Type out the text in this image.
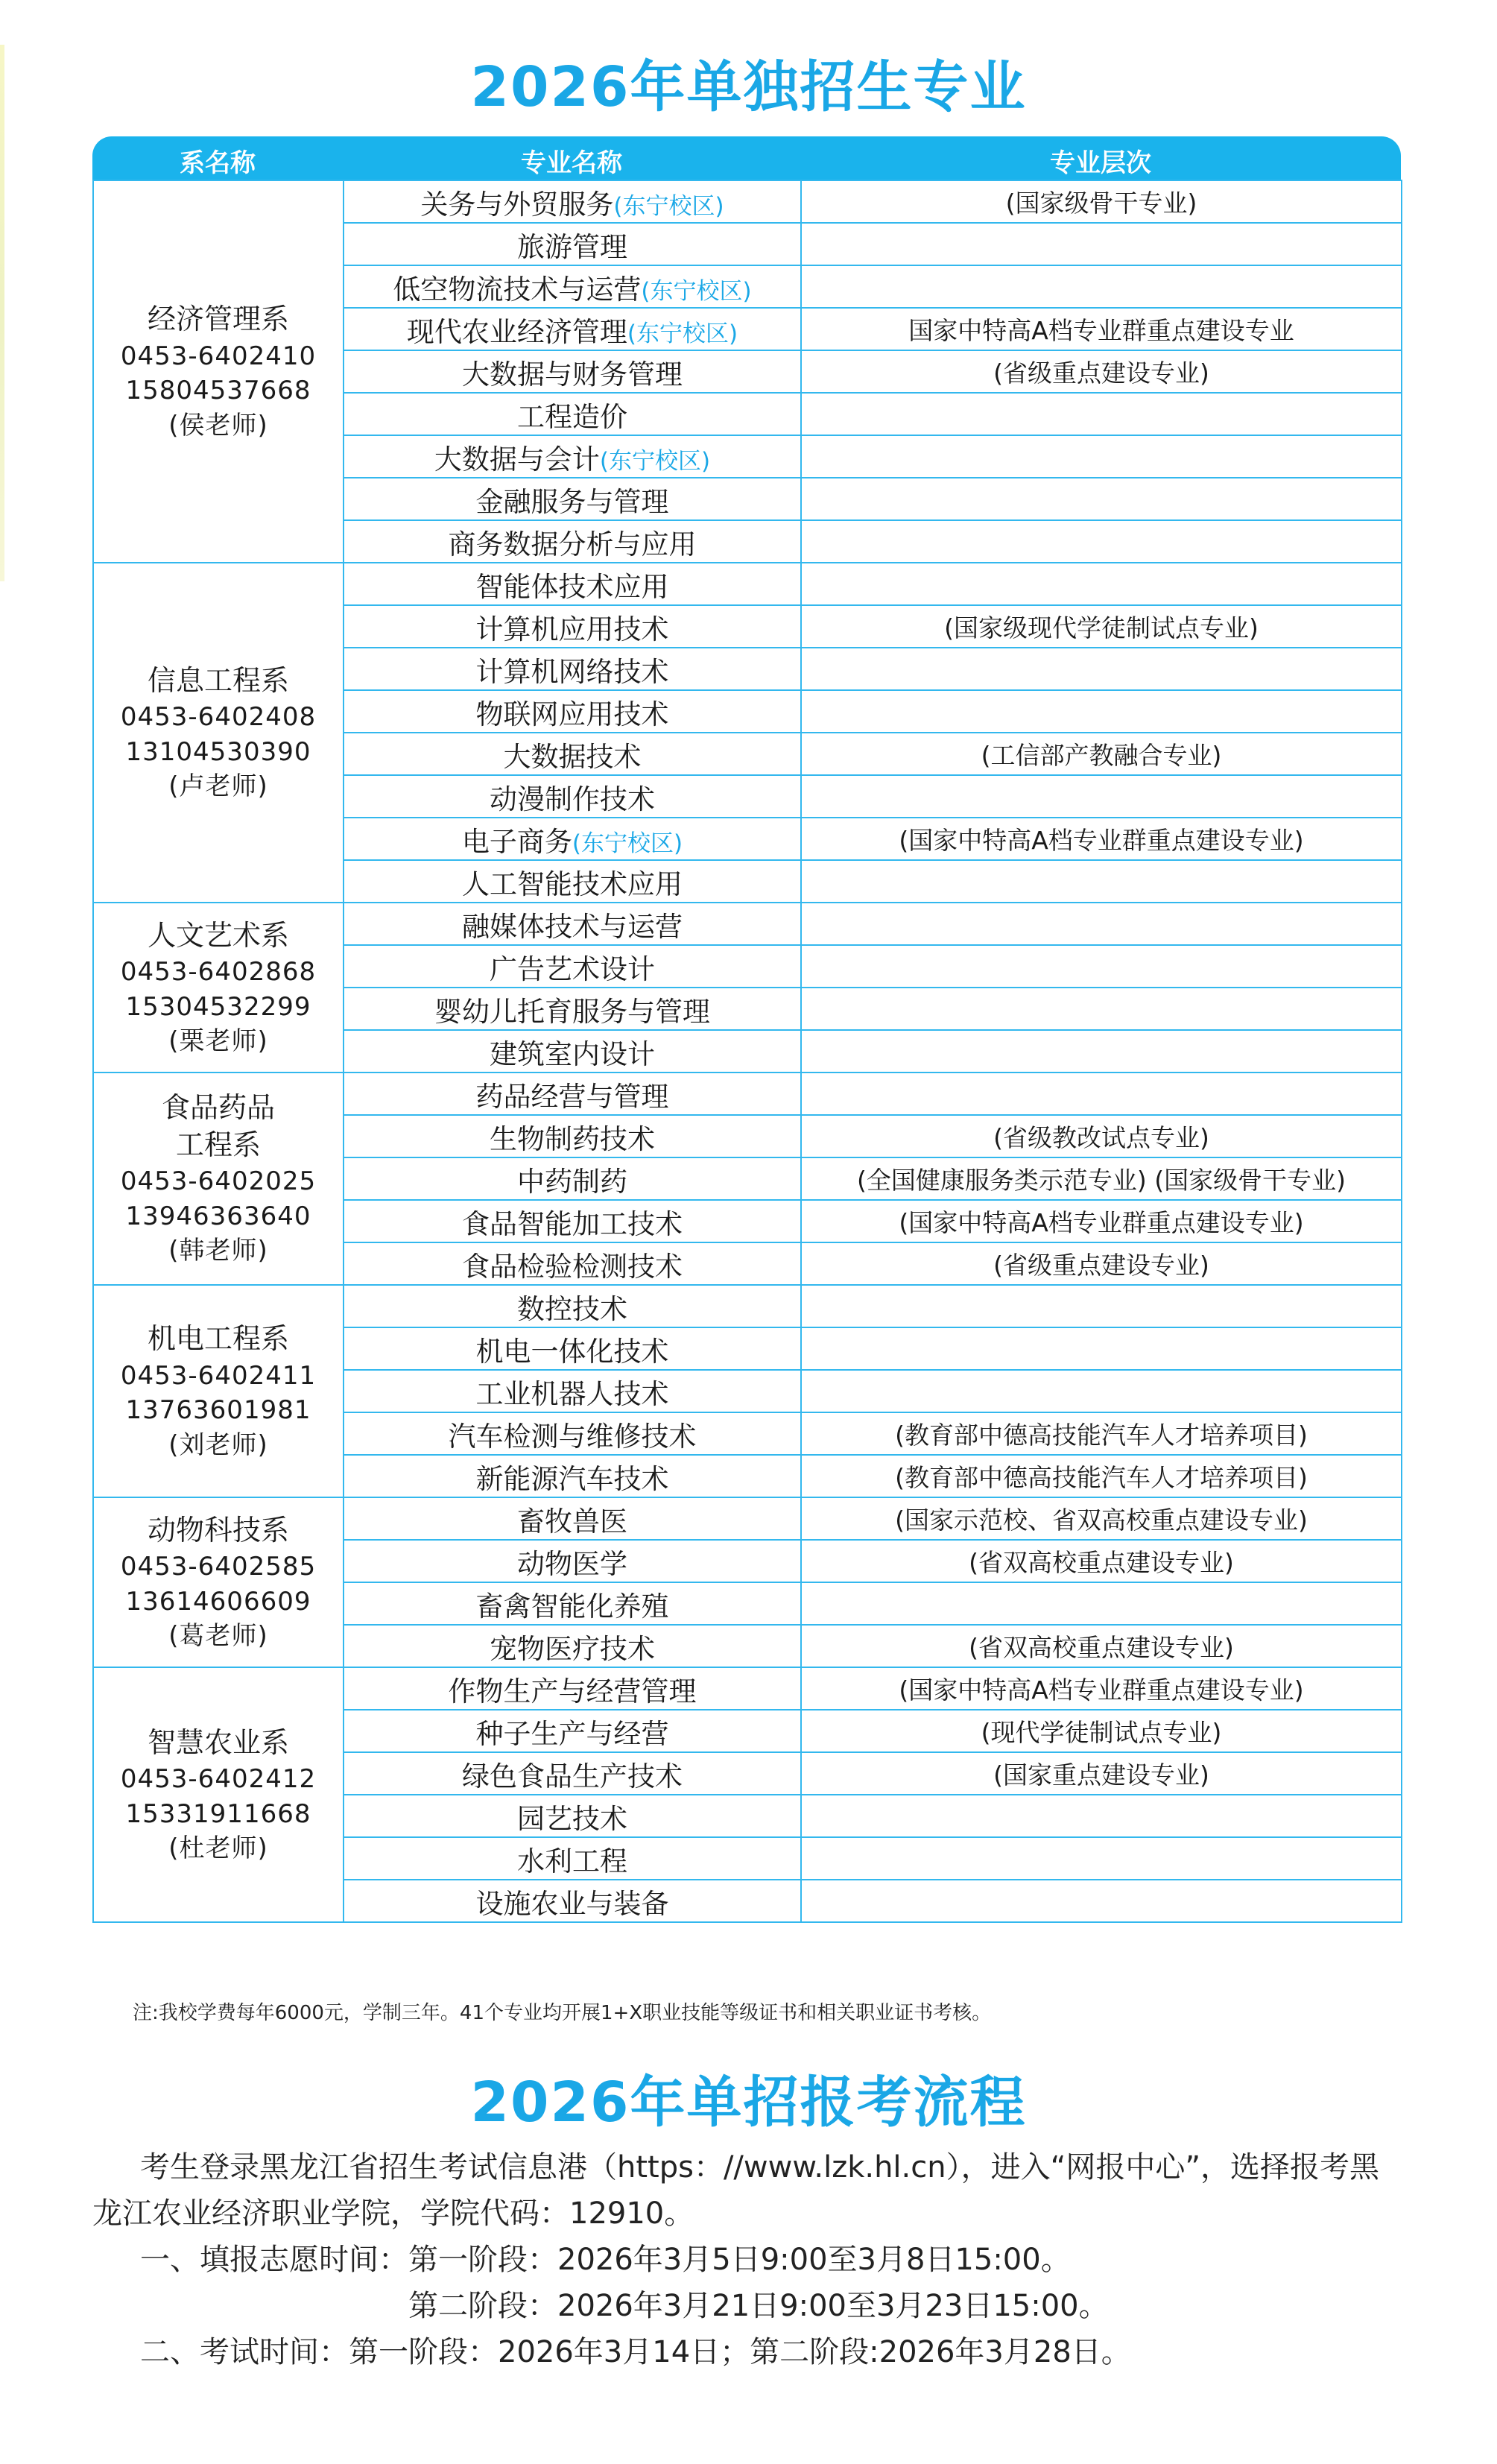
2026年单独招生专业
系名称	专业名称	专业层次
经济管理系
0453-6402410
15804537668
(侯老师)	关务与外贸服务(东宁校区)	(国家级骨干专业)
	旅游管理	
	低空物流技术与运营(东宁校区)	
	现代农业经济管理(东宁校区)	国家中特高A档专业群重点建设专业
	大数据与财务管理	(省级重点建设专业)
	工程造价	
	大数据与会计(东宁校区)	
	金融服务与管理	
	商务数据分析与应用	

信息工程系
0453-6402408
13104530390
(卢老师)	智能体技术应用	
	计算机应用技术	(国家级现代学徒制试点专业)
	计算机网络技术	
	物联网应用技术	
	大数据技术	(工信部产教融合专业)
	动漫制作技术	
	电子商务(东宁校区)	(国家中特高A档专业群重点建设专业)
	人工智能技术应用	

人文艺术系
0453-6402868
15304532299
(栗老师)	融媒体技术与运营	
	广告艺术设计	
	婴幼儿托育服务与管理	
	建筑室内设计	

食品药品
工程系
0453-6402025
13946363640
(韩老师)	药品经营与管理	
	生物制药技术	(省级教改试点专业)
	中药制药	(全国健康服务类示范专业) (国家级骨干专业)
	食品智能加工技术	(国家中特高A档专业群重点建设专业)
	食品检验检测技术	(省级重点建设专业)

机电工程系
0453-6402411
13763601981
(刘老师)	数控技术	
	机电一体化技术	
	工业机器人技术	
	汽车检测与维修技术	(教育部中德高技能汽车人才培养项目)
	新能源汽车技术	(教育部中德高技能汽车人才培养项目)

动物科技系
0453-6402585
13614606609
(葛老师)	畜牧兽医	(国家示范校、省双高校重点建设专业)
	动物医学	(省双高校重点建设专业)
	畜禽智能化养殖	
	宠物医疗技术	(省双高校重点建设专业)

智慧农业系
0453-6402412
15331911668
(杜老师)	作物生产与经营管理	(国家中特高A档专业群重点建设专业)
	种子生产与经营	(现代学徒制试点专业)
	绿色食品生产技术	(国家重点建设专业)
	园艺技术	
	水利工程	
	设施农业与装备	
注:我校学费每年6000元，学制三年。41个专业均开展1+X职业技能等级证书和相关职业证书考核。
2026年单招报考流程
考生登录黑龙江省招生考试信息港（https：//www.lzk.hl.cn），进入“网报中心”，选择报考黑
龙江农业经济职业学院，学院代码：12910。
一、填报志愿时间：第一阶段：2026年3月5日9:00至3月8日15:00。
第二阶段：2026年3月21日9:00至3月23日15:00。
二、考试时间：第一阶段：2026年3月14日；第二阶段:2026年3月28日。
